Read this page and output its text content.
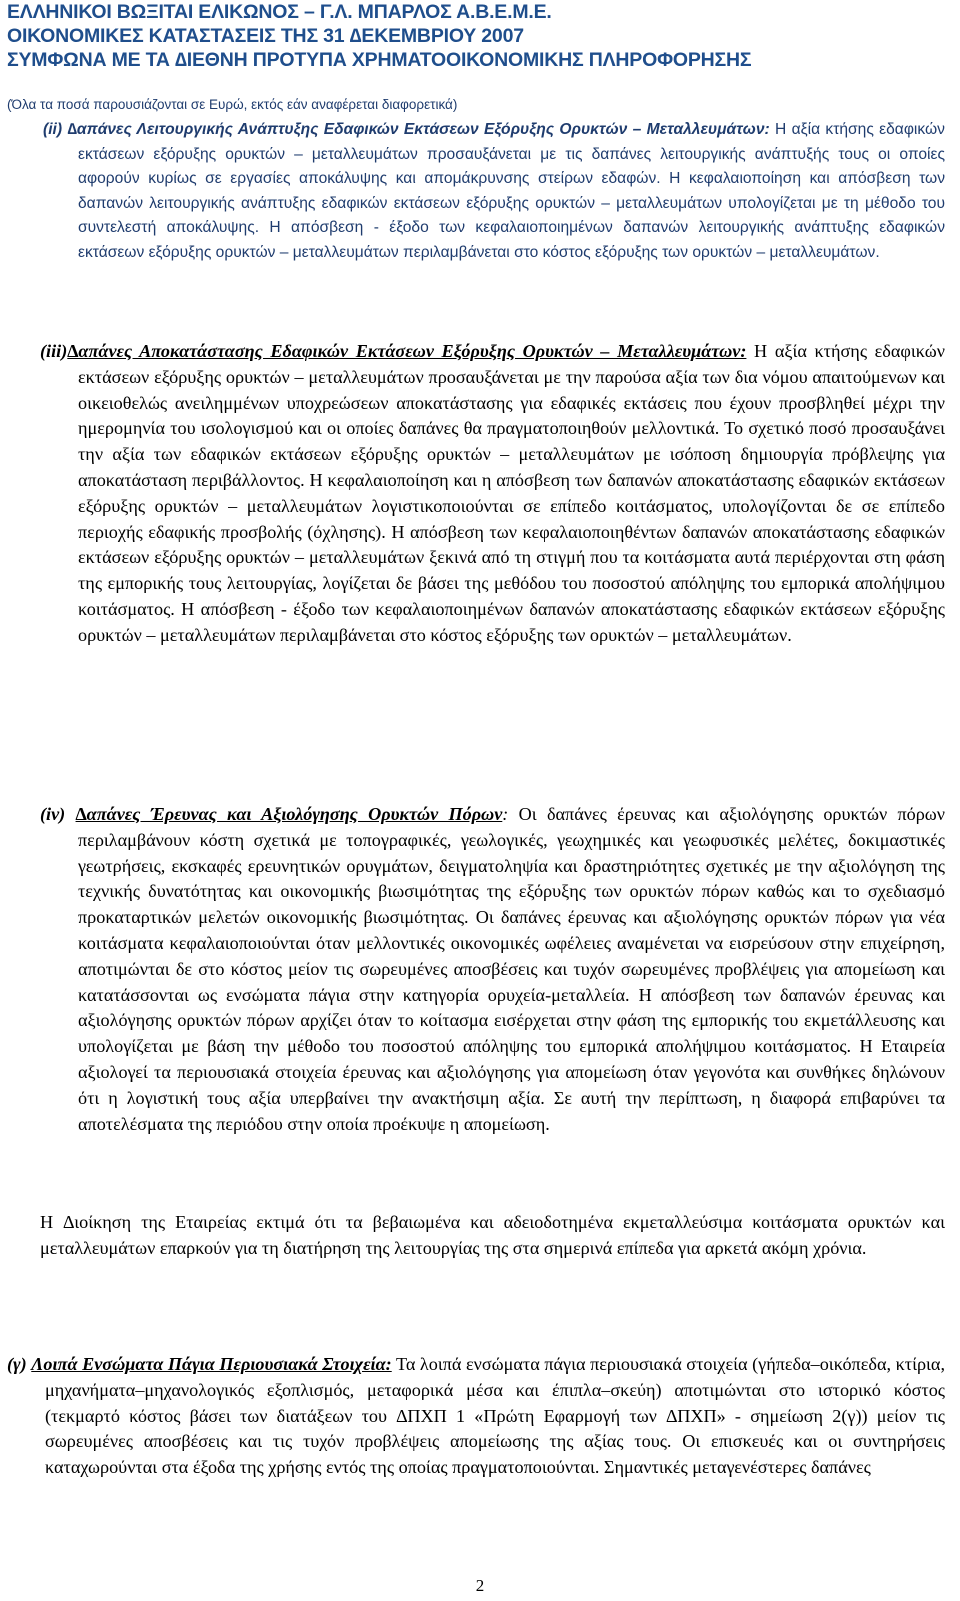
ΕΛΛΗΝΙΚΟΙ ΒΩΞΙΤΑΙ ΕΛΙΚΩΝΟΣ – Γ.Λ. ΜΠΑΡΛΟΣ Α.Β.Ε.Μ.Ε.
ΟΙΚΟΝΟΜΙΚΕΣ ΚΑΤΑΣΤΑΣΕΙΣ ΤΗΣ 31 ∆ΕΚΕΜΒΡΙΟΥ 2007
ΣΥΜΦΩΝΑ ΜΕ ΤΑ ∆ΙΕΘΝΗ ΠΡΟΤΥΠΑ ΧΡΗΜΑΤΟΟΙΚΟΝΟΜΙΚΗΣ ΠΛΗΡΟΦΟΡΗΣΗΣ
(Όλα τα ποσά παρουσιάζονται σε Ευρώ, εκτός εάν αναφέρεται διαφορετικά)
(ii) ∆απάνες Λειτουργικής Ανάπτυξης Εδαφικών Εκτάσεων Εξόρυξης Ορυκτών – Μεταλλευμάτων: Η αξία κτήσης εδαφικών εκτάσεων εξόρυξης ορυκτών – μεταλλευμάτων προσαυξάνεται με τις δαπάνες λειτουργικής ανάπτυξής τους οι οποίες αφορούν κυρίως σε εργασίες αποκάλυψης και απομάκρυνσης στείρων εδαφών. Η κεφαλαιοποίηση και απόσβεση των δαπανών λειτουργικής ανάπτυξης εδαφικών εκτάσεων εξόρυξης ορυκτών – μεταλλευμάτων υπολογίζεται με τη μέθοδο του συντελεστή αποκάλυψης. Η απόσβεση - έξοδο των κεφαλαιοποιημένων δαπανών λειτουργικής ανάπτυξης εδαφικών εκτάσεων εξόρυξης ορυκτών – μεταλλευμάτων περιλαμβάνεται στο κόστος εξόρυξης των ορυκτών – μεταλλευμάτων.
(iii)∆απάνες Αποκατάστασης Εδαφικών Εκτάσεων Εξόρυξης Ορυκτών – Μεταλλευμάτων: Η αξία κτήσης εδαφικών εκτάσεων εξόρυξης ορυκτών – μεταλλευμάτων προσαυξάνεται με την παρούσα αξία των δια νόμου απαιτούμενων και οικειοθελώς ανειλημμένων υποχρεώσεων αποκατάστασης για εδαφικές εκτάσεις που έχουν προσβληθεί μέχρι την ημερομηνία του ισολογισμού και οι οποίες δαπάνες θα πραγματοποιηθούν μελλοντικά. Το σχετικό ποσό προσαυξάνει την αξία των εδαφικών εκτάσεων εξόρυξης ορυκτών – μεταλλευμάτων με ισόποση δημιουργία πρόβλεψης για αποκατάσταση περιβάλλοντος. Η κεφαλαιοποίηση και η απόσβεση των δαπανών αποκατάστασης εδαφικών εκτάσεων εξόρυξης ορυκτών – μεταλλευμάτων λογιστικοποιούνται σε επίπεδο κοιτάσματος, υπολογίζονται δε σε επίπεδο περιοχής εδαφικής προσβολής (όχλησης). Η απόσβεση των κεφαλαιοποιηθέντων δαπανών αποκατάστασης εδαφικών εκτάσεων εξόρυξης ορυκτών – μεταλλευμάτων ξεκινά από τη στιγμή που τα κοιτάσματα αυτά περιέρχονται στη φάση της εμπορικής τους λειτουργίας, λογίζεται δε βάσει της μεθόδου του ποσοστού απόληψης του εμπορικά απολήψιμου κοιτάσματος. Η απόσβεση - έξοδο των κεφαλαιοποιημένων δαπανών αποκατάστασης εδαφικών εκτάσεων εξόρυξης ορυκτών – μεταλλευμάτων περιλαμβάνεται στο κόστος εξόρυξης των ορυκτών – μεταλλευμάτων.
(iv) ∆απάνες Έρευνας και Αξιολόγησης Ορυκτών Πόρων: Οι δαπάνες έρευνας και αξιολόγησης ορυκτών πόρων περιλαμβάνουν κόστη σχετικά με τοπογραφικές, γεωλογικές, γεωχημικές και γεωφυσικές μελέτες, δοκιμαστικές γεωτρήσεις, εκσκαφές ερευνητικών ορυγμάτων, δειγματοληψία και δραστηριότητες σχετικές με την αξιολόγηση της τεχνικής δυνατότητας και οικονομικής βιωσιμότητας της εξόρυξης των ορυκτών πόρων καθώς και το σχεδιασμό προκαταρτικών μελετών οικονομικής βιωσιμότητας. Οι δαπάνες έρευνας και αξιολόγησης ορυκτών πόρων για νέα κοιτάσματα κεφαλαιοποιούνται όταν μελλοντικές οικονομικές ωφέλειες αναμένεται να εισρεύσουν στην επιχείρηση, αποτιμώνται δε στο κόστος μείον τις σωρευμένες αποσβέσεις και τυχόν σωρευμένες προβλέψεις για απομείωση και κατατάσσονται ως ενσώματα πάγια στην κατηγορία ορυχεία-μεταλλεία. Η απόσβεση των δαπανών έρευνας και αξιολόγησης ορυκτών πόρων αρχίζει όταν το κοίτασμα εισέρχεται στην φάση της εμπορικής του εκμετάλλευσης και υπολογίζεται με βάση την μέθοδο του ποσοστού απόληψης του εμπορικά απολήψιμου κοιτάσματος. Η Εταιρεία αξιολογεί τα περιουσιακά στοιχεία έρευνας και αξιολόγησης για απομείωση όταν γεγονότα και συνθήκες δηλώνουν ότι η λογιστική τους αξία υπερβαίνει την ανακτήσιμη αξία. Σε αυτή την περίπτωση, η διαφορά επιβαρύνει τα αποτελέσματα της περιόδου στην οποία προέκυψε η απομείωση.
Η ∆ιοίκηση της Εταιρείας εκτιμά ότι τα βεβαιωμένα και αδειοδοτημένα εκμεταλλεύσιμα κοιτάσματα ορυκτών και μεταλλευμάτων επαρκούν για τη διατήρηση της λειτουργίας της στα σημερινά επίπεδα για αρκετά ακόμη χρόνια.
(γ) Λοιπά Ενσώματα Πάγια Περιουσιακά Στοιχεία: Τα λοιπά ενσώματα πάγια περιουσιακά στοιχεία (γήπεδα–οικόπεδα, κτίρια, μηχανήματα–μηχανολογικός εξοπλισμός, μεταφορικά μέσα και έπιπλα–σκεύη) αποτιμώνται στο ιστορικό κόστος (τεκμαρτό κόστος βάσει των διατάξεων του ∆ΠΧΠ 1 «Πρώτη Εφαρμογή των ∆ΠΧΠ» - σημείωση 2(γ)) μείον τις σωρευμένες αποσβέσεις και τις τυχόν προβλέψεις απομείωσης της αξίας τους. Οι επισκευές και οι συντηρήσεις καταχωρούνται στα έξοδα της χρήσης εντός της οποίας πραγματοποιούνται. Σημαντικές μεταγενέστερες δαπάνες
2
